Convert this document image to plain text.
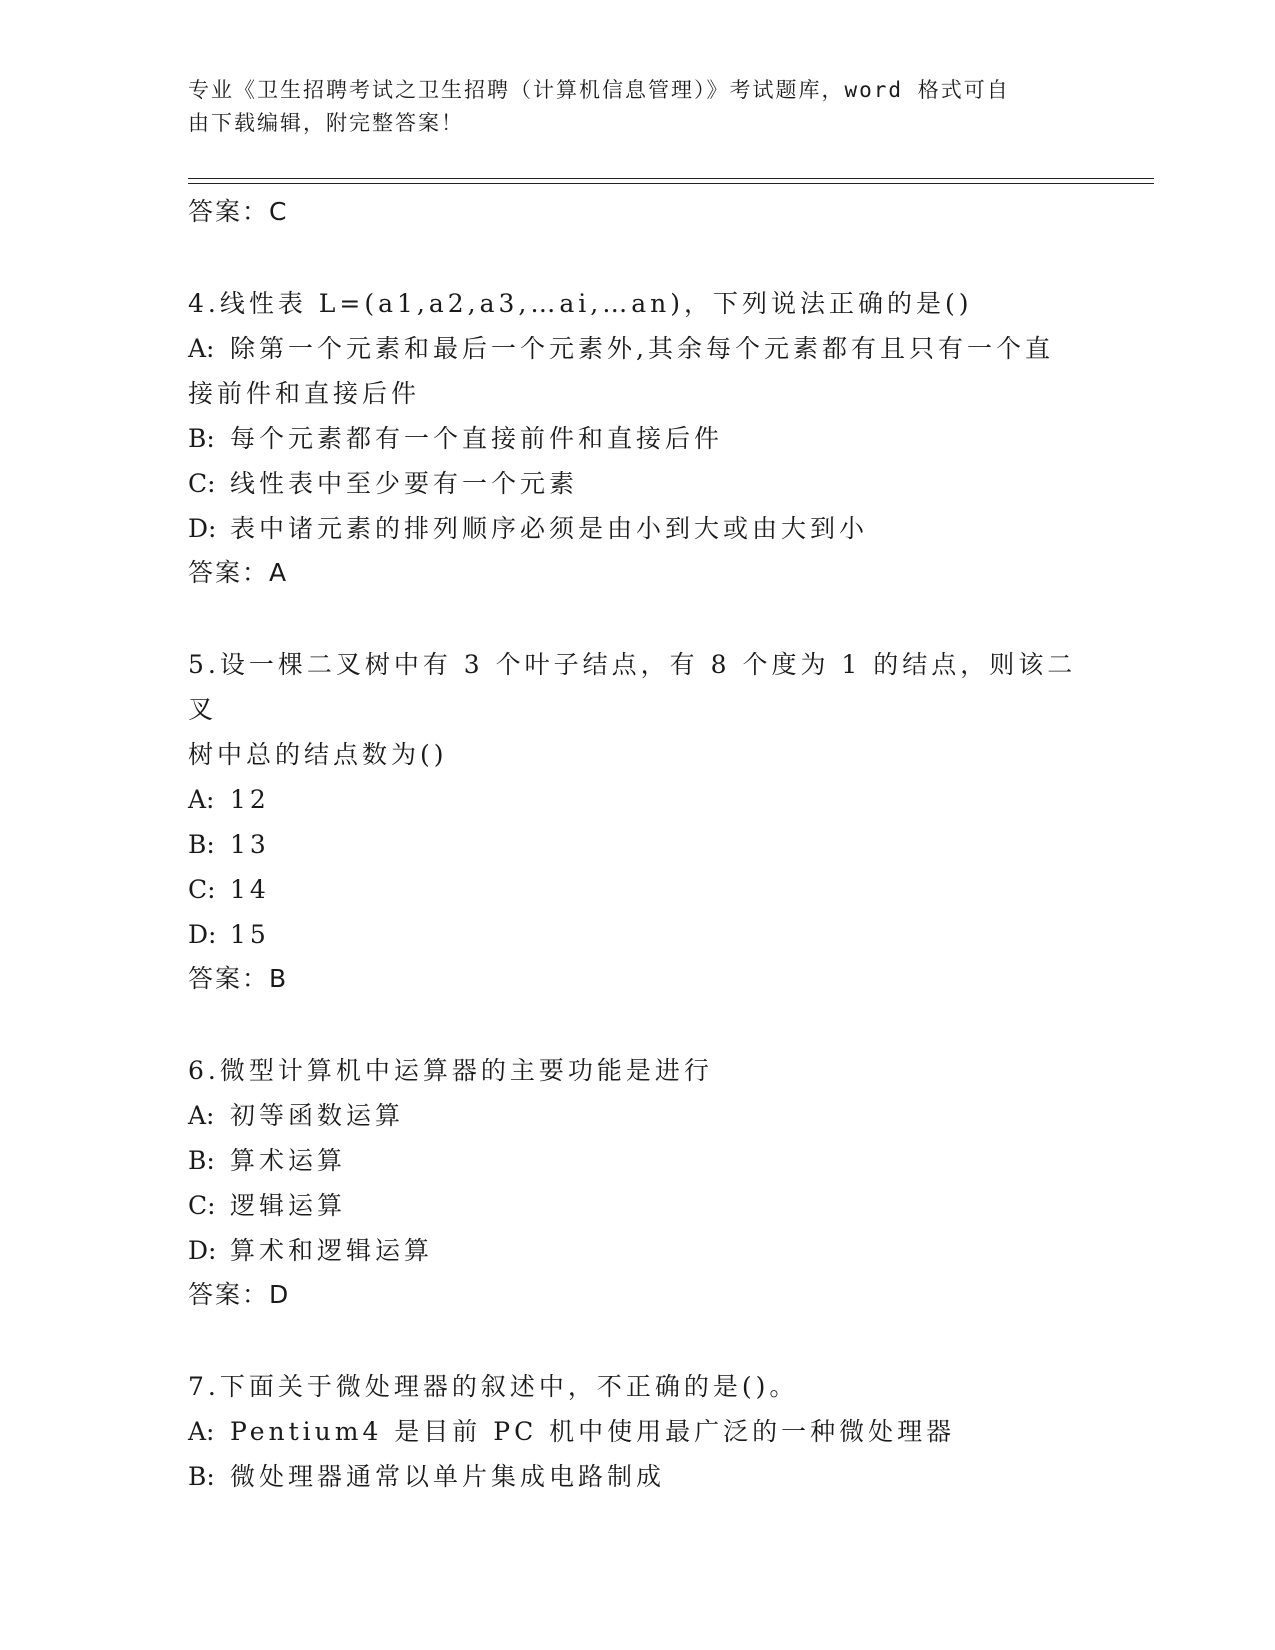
专业《卫生招聘考试之卫生招聘（计算机信息管理）》考试题库，word 格式可自
由下载编辑，附完整答案！
答案：C
4.线性表 L=(a1,a2,a3,…ai,…an)，下列说法正确的是()
A: 除第一个元素和最后一个元素外,其余每个元素都有且只有一个直
接前件和直接后件
B: 每个元素都有一个直接前件和直接后件
C: 线性表中至少要有一个元素
D: 表中诸元素的排列顺序必须是由小到大或由大到小
答案：A
5.设一棵二叉树中有 3 个叶子结点，有 8 个度为 1 的结点，则该二叉
树中总的结点数为()
A: 12
B: 13
C: 14
D: 15
答案：B
6.微型计算机中运算器的主要功能是进行
A: 初等函数运算
B: 算术运算
C: 逻辑运算
D: 算术和逻辑运算
答案：D
7.下面关于微处理器的叙述中，不正确的是()。
A: Pentium4 是目前 PC 机中使用最广泛的一种微处理器
B: 微处理器通常以单片集成电路制成
